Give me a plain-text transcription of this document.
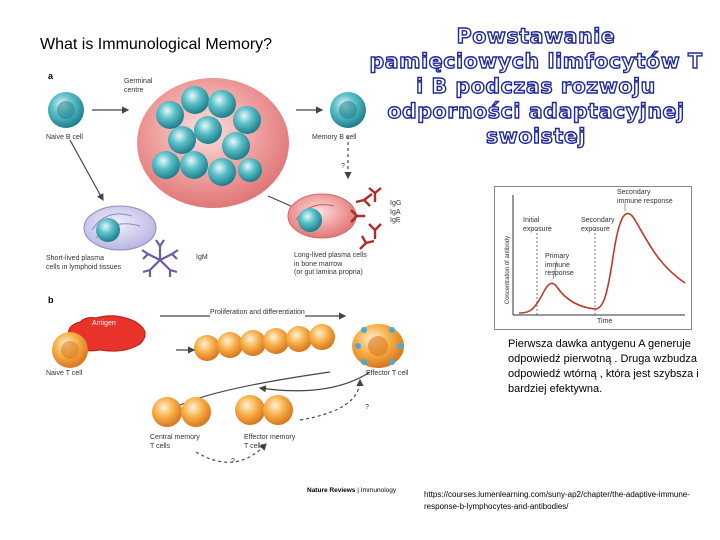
What is Immunological Memory?	Powstawanie pamięciowych limfocytów T i B podczas rozwoju odporności adaptacyjnej swoistej
a
b
Germinal
centre
Naive B cell	Memory B cell
?
Short-lived plasma
cells in lymphoid tissues
IgM
IgG
IgA
IgE
Long-lived plasma cells
in bone marrow
(or gut lamina propria)
Antigen
Proliferation and differentiation
Naive T cell	Effector T cell
?
Central memory
T cells
Effector memory
T cells
?
Concentration of antibody
Time
Initial
exposure
Secondary
exposure
Primary
immune
response
Secondary
immune response
Pierwsza dawka antygenu A generuje odpowiedź pierwotną . Druga wzbudza odpowiedź wtórną , która jest szybsza i bardziej efektywna.
Nature Reviews | Immunology	https://courses.lumenlearning.com/suny-ap2/chapter/the-adaptive-immune-response-b-lymphocytes-and-antibodies/
